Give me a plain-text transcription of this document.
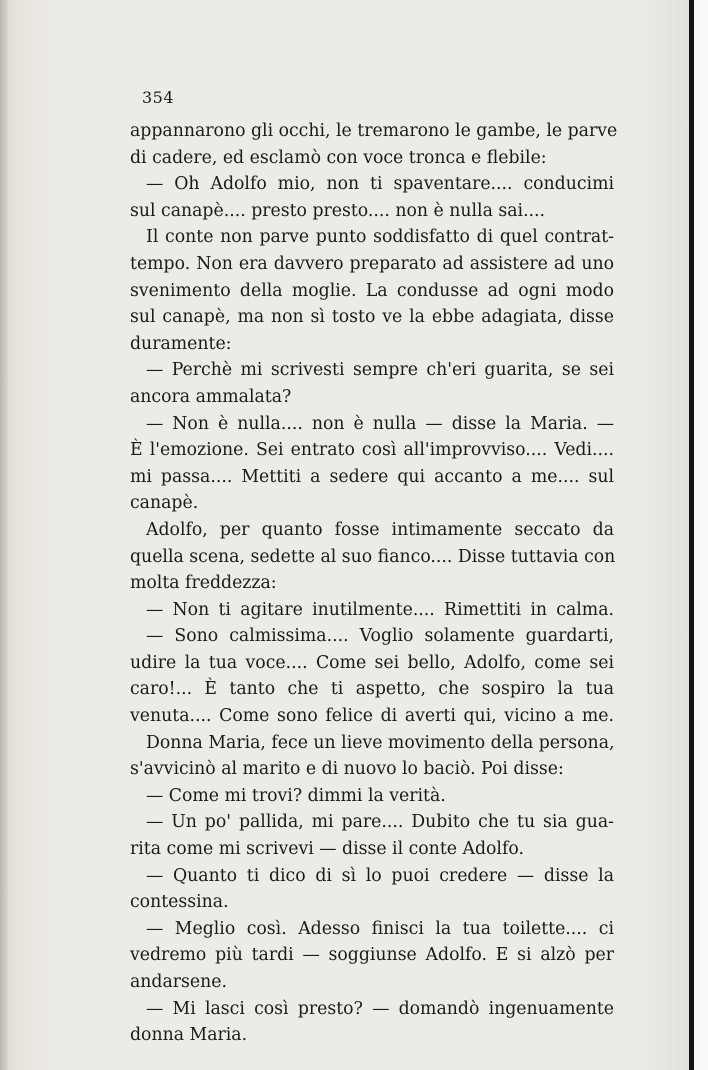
354
appannarono gli occhi, le tremarono le gambe, le parve
di cadere, ed esclamò con voce tronca e flebile:
— Oh Adolfo mio, non ti spaventare.... conducimi
sul canapè.... presto presto.... non è nulla sai....
Il conte non parve punto soddisfatto di quel contrat-
tempo. Non era davvero preparato ad assistere ad uno
svenimento della moglie. La condusse ad ogni modo
sul canapè, ma non sì tosto ve la ebbe adagiata, disse
duramente:
— Perchè mi scrivesti sempre ch'eri guarita, se sei
ancora ammalata?
— Non è nulla.... non è nulla — disse la Maria. —
È l'emozione. Sei entrato così all'improvviso.... Vedi....
mi passa.... Mettiti a sedere qui accanto a me.... sul
canapè.
Adolfo, per quanto fosse intimamente seccato da
quella scena, sedette al suo fianco.... Disse tuttavia con
molta freddezza:
— Non ti agitare inutilmente.... Rimettiti in calma.
— Sono calmissima.... Voglio solamente guardarti,
udire la tua voce.... Come sei bello, Adolfo, come sei
caro!... È tanto che ti aspetto, che sospiro la tua
venuta.... Come sono felice di averti qui, vicino a me.
Donna Maria, fece un lieve movimento della persona,
s'avvicinò al marito e di nuovo lo baciò. Poi disse:
— Come mi trovi? dimmi la verità.
— Un po' pallida, mi pare.... Dubito che tu sia gua-
rita come mi scrivevi — disse il conte Adolfo.
— Quanto ti dico di sì lo puoi credere — disse la
contessina.
— Meglio così. Adesso finisci la tua toilette.... ci
vedremo più tardi — soggiunse Adolfo. E si alzò per
andarsene.
— Mi lasci così presto? — domandò ingenuamente
donna Maria.
